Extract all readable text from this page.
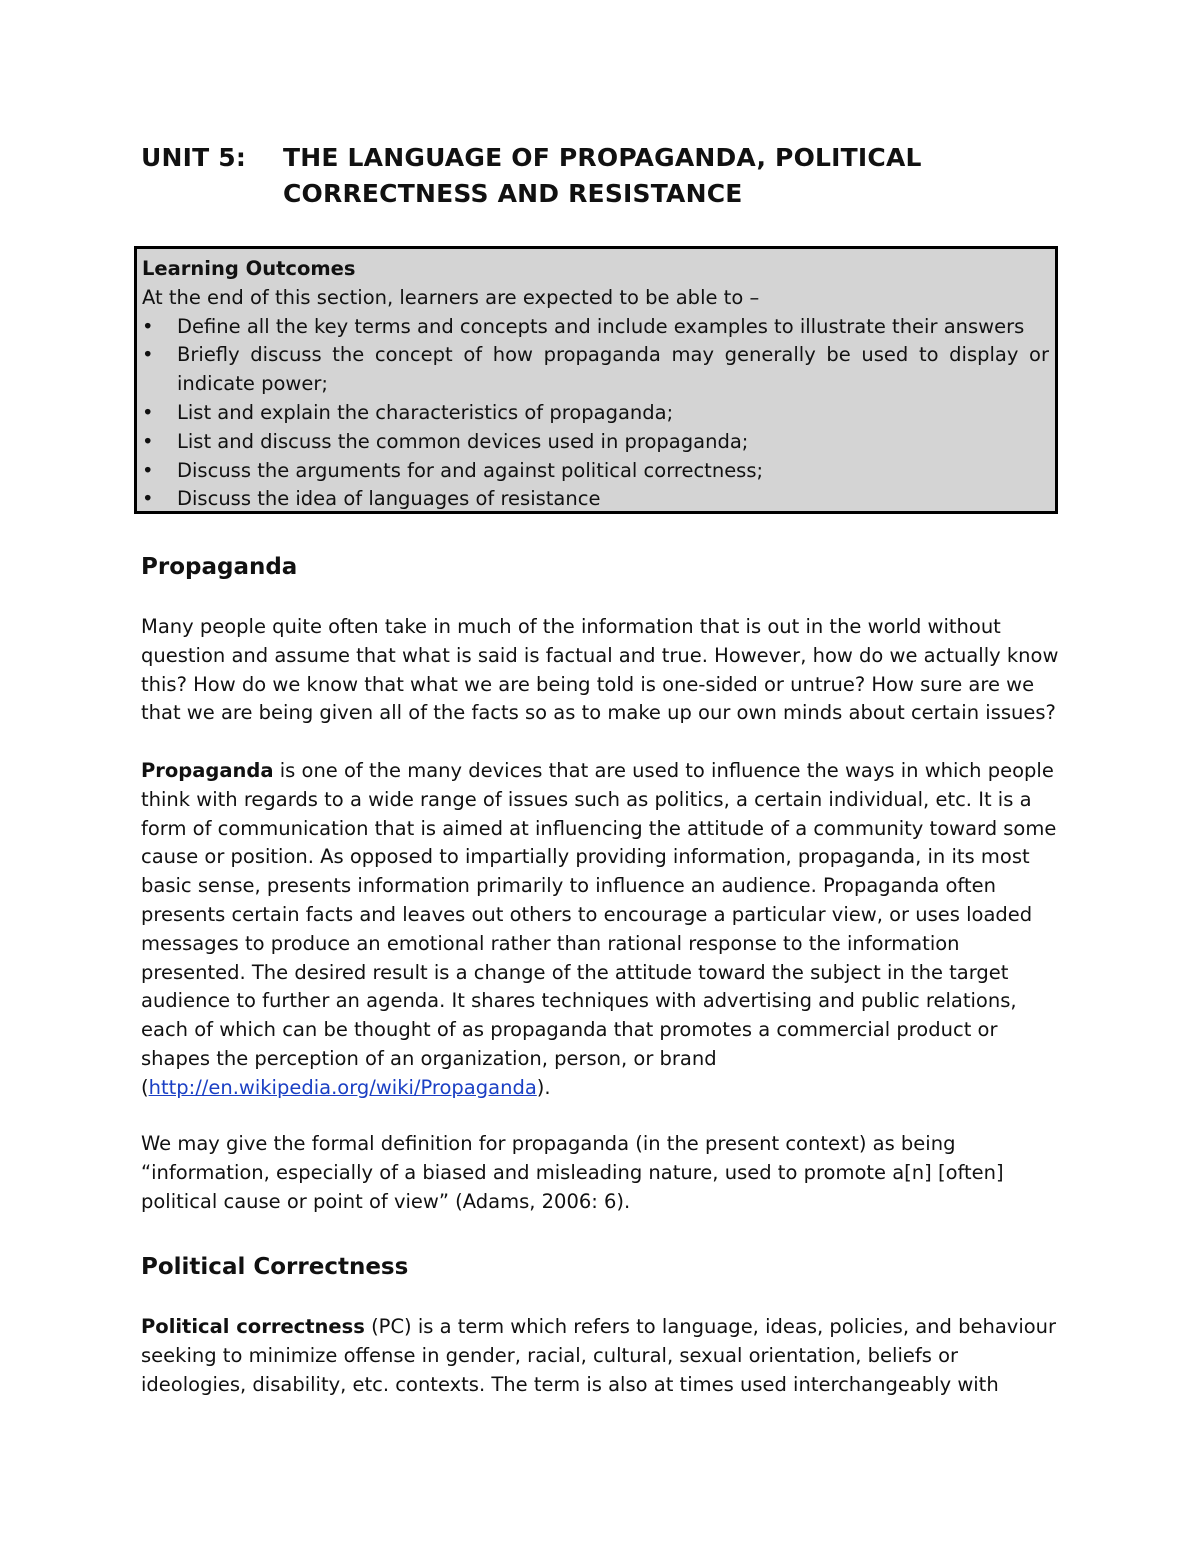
UNIT 5: THE LANGUAGE OF PROPAGANDA, POLITICAL CORRECTNESS AND RESISTANCE
Learning Outcomes
At the end of this section, learners are expected to be able to –
• Define all the key terms and concepts and include examples to illustrate their answers
• Briefly discuss the concept of how propaganda may generally be used to display or indicate power;
• List and explain the characteristics of propaganda;
• List and discuss the common devices used in propaganda;
• Discuss the arguments for and against political correctness;
• Discuss the idea of languages of resistance
Propaganda

Many people quite often take in much of the information that is out in the world without question and assume that what is said is factual and true. However, how do we actually know this? How do we know that what we are being told is one-sided or untrue? How sure are we that we are being given all of the facts so as to make up our own minds about certain issues?

Propaganda is one of the many devices that are used to influence the ways in which people think with regards to a wide range of issues such as politics, a certain individual, etc. It is a form of communication that is aimed at influencing the attitude of a community toward some cause or position. As opposed to impartially providing information, propaganda, in its most basic sense, presents information primarily to influence an audience. Propaganda often presents certain facts and leaves out others to encourage a particular view, or uses loaded messages to produce an emotional rather than rational response to the information presented. The desired result is a change of the attitude toward the subject in the target audience to further an agenda. It shares techniques with advertising and public relations, each of which can be thought of as propaganda that promotes a commercial product or shapes the perception of an organization, person, or brand (http://en.wikipedia.org/wiki/Propaganda).

We may give the formal definition for propaganda (in the present context) as being “information, especially of a biased and misleading nature, used to promote a[n] [often] political cause or point of view” (Adams, 2006: 6).

Political Correctness

Political correctness (PC) is a term which refers to language, ideas, policies, and behaviour seeking to minimize offense in gender, racial, cultural, sexual orientation, beliefs or ideologies, disability, etc. contexts. The term is also at times used interchangeably with
